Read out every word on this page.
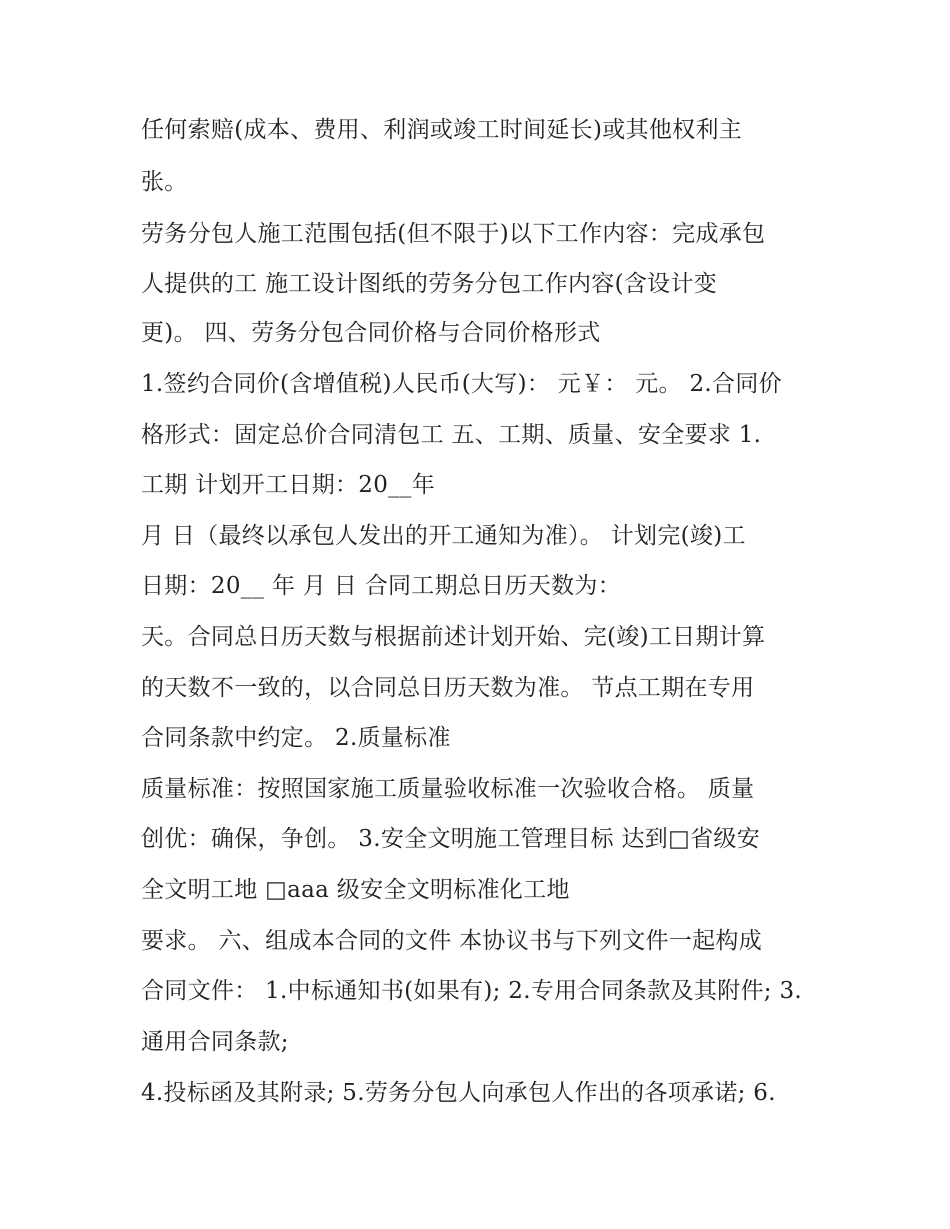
任何索赔(成本、费用、利润或竣工时间延长)或其他权利主
张。
劳务分包人施工范围包括(但不限于)以下工作内容：完成承包
人提供的工 施工设计图纸的劳务分包工作内容(含设计变
更)。 四、劳务分包合同价格与合同价格形式
1.签约合同价(含增值税)人民币(大写)： 元￥： 元。 2.合同价
格形式：固定总价合同清包工 五、工期、质量、安全要求 1.
工期 计划开工日期：20__年
月 日（最终以承包人发出的开工通知为准）。 计划完(竣)工
日期：20__ 年 月 日 合同工期总日历天数为：
天。合同总日历天数与根据前述计划开始、完(竣)工日期计算
的天数不一致的，以合同总日历天数为准。 节点工期在专用
合同条款中约定。 2.质量标准
质量标准：按照国家施工质量验收标准一次验收合格。 质量
创优：确保，争创。 3.安全文明施工管理目标 达到□省级安
全文明工地 □aaa 级安全文明标准化工地
要求。 六、组成本合同的文件 本协议书与下列文件一起构成
合同文件： 1.中标通知书(如果有); 2.专用合同条款及其附件; 3.
通用合同条款;
4.投标函及其附录; 5.劳务分包人向承包人作出的各项承诺; 6.
